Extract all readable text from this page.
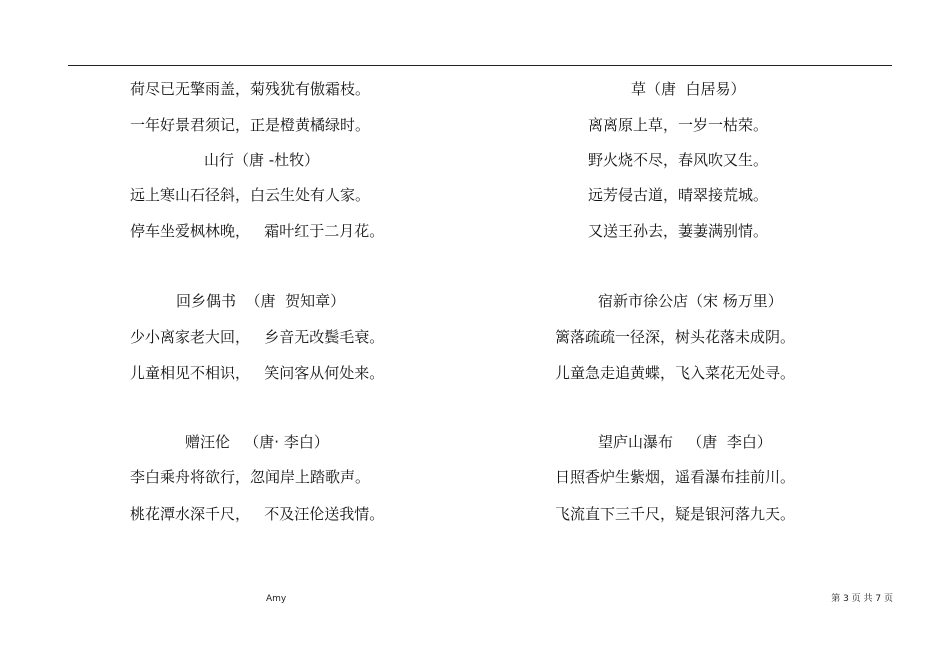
荷尽已无擎雨盖，菊残犹有傲霜枝。
一年好景君须记，正是橙黄橘绿时。
山行（唐 -杜牧）
远上寒山石径斜，白云生处有人家。
停车坐爱枫林晚，   霜叶红于二月花。
回乡偶书  （唐  贺知章）
少小离家老大回，   乡音无改鬓毛衰。
儿童相见不相识，   笑问客从何处来。
赠汪伦   （唐· 李白）
李白乘舟将欲行，忽闻岸上踏歌声。
桃花潭水深千尺，   不及汪伦送我情。
草（唐  白居易）
离离原上草，一岁一枯荣。
野火烧不尽，春风吹又生。
远芳侵古道，晴翠接荒城。
又送王孙去，萋萋满别情。
宿新市徐公店（宋 杨万里）
篱落疏疏一径深，树头花落未成阴。
儿童急走追黄蝶，飞入菜花无处寻。
望庐山瀑布   （唐  李白）
日照香炉生紫烟，遥看瀑布挂前川。
飞流直下三千尺，疑是银河落九天。
Amy	第 3 页 共 7 页
